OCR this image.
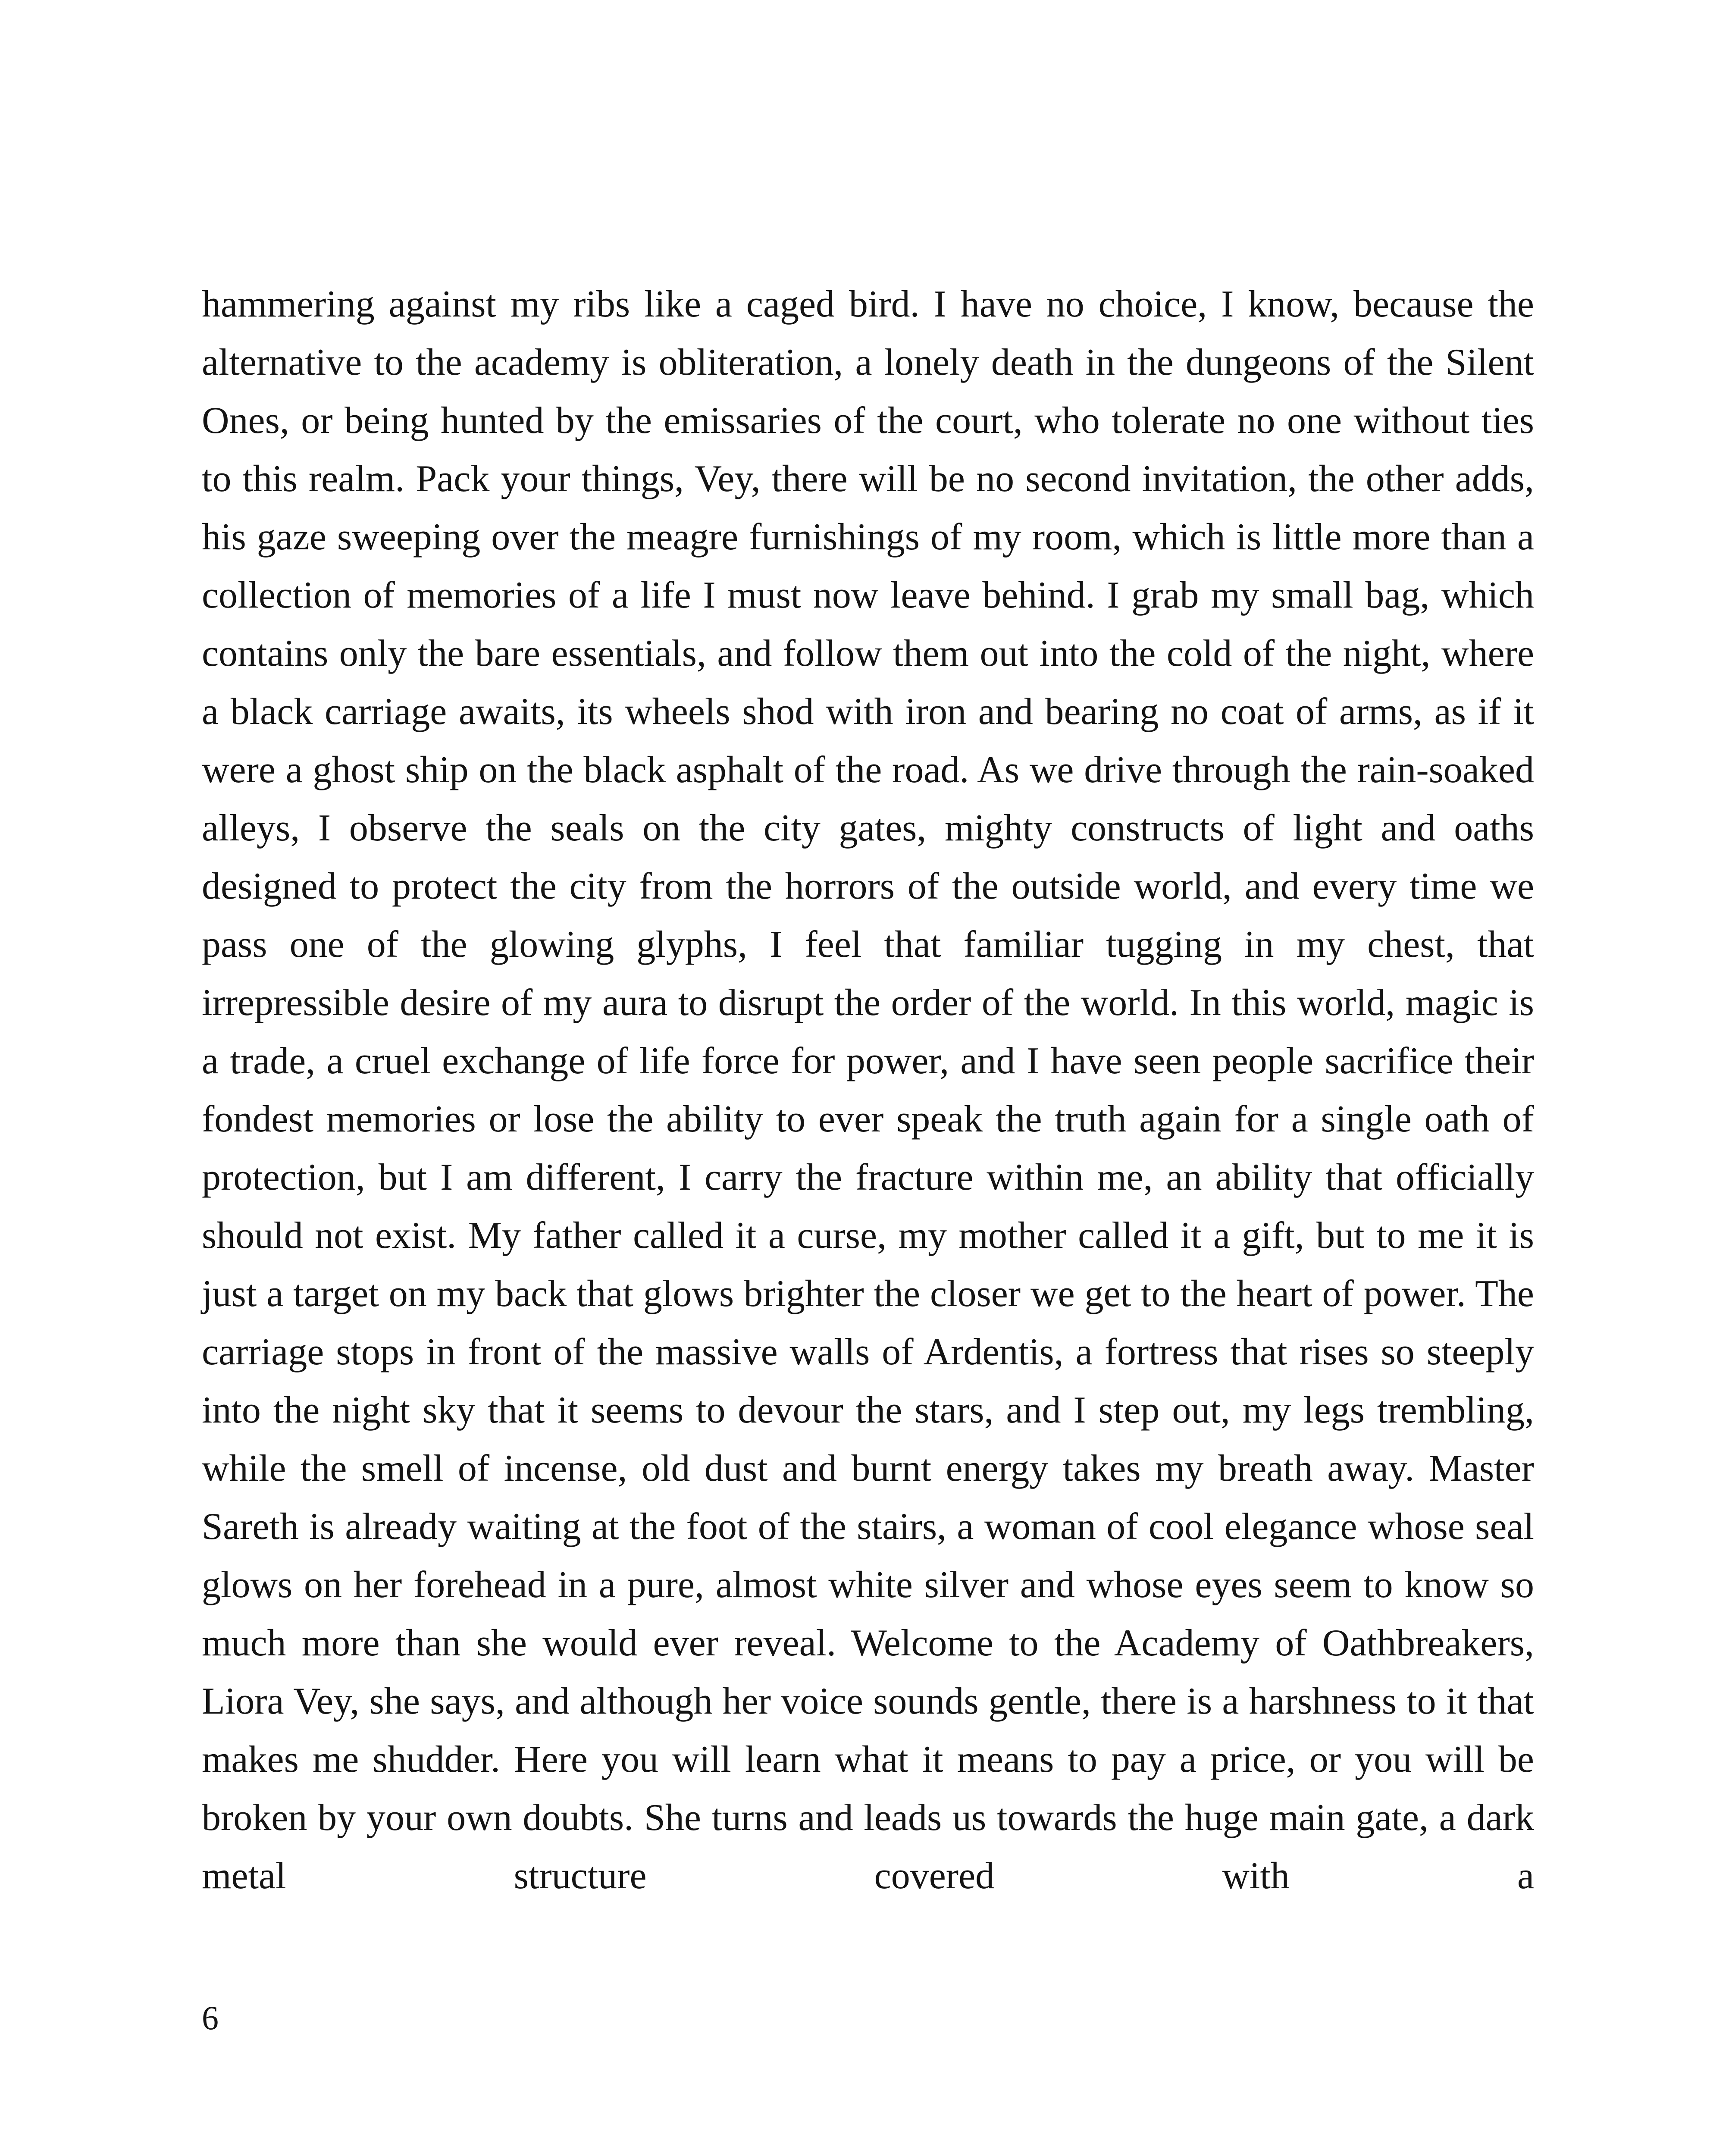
hammering against my ribs like a caged bird. I have no choice, I know, because the alternative to the academy is obliteration, a lonely death in the dungeons of the Silent Ones, or being hunted by the emissaries of the court, who tolerate no one without ties to this realm. Pack your things, Vey, there will be no second invitation, the other adds, his gaze sweeping over the meagre furnishings of my room, which is little more than a collection of memories of a life I must now leave behind. I grab my small bag, which contains only the bare essentials, and follow them out into the cold of the night, where a black carriage awaits, its wheels shod with iron and bearing no coat of arms, as if it were a ghost ship on the black asphalt of the road. As we drive through the rain-soaked alleys, I observe the seals on the city gates, mighty constructs of light and oaths designed to protect the city from the horrors of the outside world, and every time we pass one of the glowing glyphs, I feel that familiar tugging in my chest, that irrepressible desire of my aura to disrupt the order of the world. In this world, magic is a trade, a cruel exchange of life force for power, and I have seen people sacrifice their fondest memories or lose the ability to ever speak the truth again for a single oath of protection, but I am different, I carry the fracture within me, an ability that officially should not exist. My father called it a curse, my mother called it a gift, but to me it is just a target on my back that glows brighter the closer we get to the heart of power. The carriage stops in front of the massive walls of Ardentis, a fortress that rises so steeply into the night sky that it seems to devour the stars, and I step out, my legs trembling, while the smell of incense, old dust and burnt energy takes my breath away. Master Sareth is already waiting at the foot of the stairs, a woman of cool elegance whose seal glows on her forehead in a pure, almost white silver and whose eyes seem to know so much more than she would ever reveal. Welcome to the Academy of Oathbreakers, Liora Vey, she says, and although her voice sounds gentle, there is a harshness to it that makes me shudder. Here you will learn what it means to pay a price, or you will be broken by your own doubts. She turns and leads us towards the huge main gate, a dark metal structure covered with a

6
